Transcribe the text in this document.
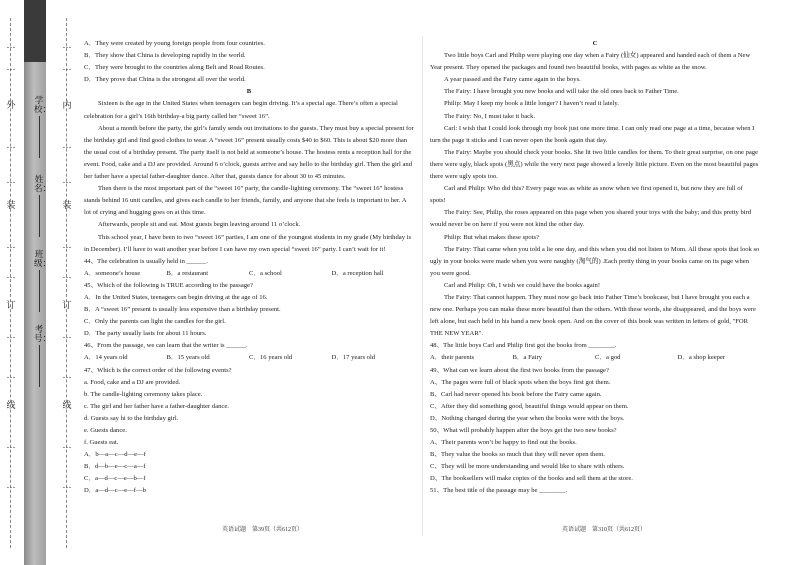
…
…
外
…
…
装
…
…
订
…
…
线
…
…
…
…
内
…
…
装
…
…
订
…
…
线
…
…
学校：
姓名：
班级：
考号：

A．They were created by young foreign people from four countries.

B．They show that China is developing rapidly in the world.

C．They were brought to the countries along Belt and Road Routes.

D．They prove that China is the strongest all over the world.

B

Sixteen is the age in the United States when teenagers can begin driving. It’s a special age. There’s often a special celebration for a girl’s 16th birthday-a big party called her “sweet 16”.

About a month before the party, the girl’s family sends out invitations to the guests. They must buy a special present for the birthday girl and find good clothes to wear. A “sweet 16” present usually costs $40 to $60. This is about $20 more than the usual cost of a birthday present. The party itself is not held at someone’s house. The hostess rents a reception hall for the event. Food, cake and a DJ are provided. Around 6 o’clock, guests arrive and say hello to the birthday girl. Then the girl and her father have a special father-daughter dance. After that, guests dance for about 30 to 45 minutes.

Then there is the most important part of the “sweet 16” party, the candle-lighting ceremony. The “sweet 16” hostess stands behind 16 unit candles, and gives each candle to her friends, family, and anyone that she feels is important to her. A lot of crying and hugging goes on at this time.

Afterwards, people sit and eat. Most guests begin leaving around 11 o’clock.

This school year, I have been to two “sweet 16” parties, I am one of the youngest students in my grade (My birthday is in December). I’ll have to wait another year before I can have my own special “sweet 16” party. I can’t wait for it!

44、The celebration is usually held in ______.

A．someone’s house	B．a restaurant	C．a school	D．a reception hall

45、Which of the following is TRUE according to the passage?

A．In the United States, teenagers can begin driving at the age of 16.

B．A “sweet 16” present is usually less expensive than a birthday present.

C．Only the parents can light the candles for the girl.

D．The party usually lasts for about 11 hours.

46、From the passage, we can learn that the writer is ______.

A．14 years old	B．15 years old	C．16 years old	D．17 years old

47、Which is the correct order of the following events?

a. Food, cake and a DJ are provided.

b. The candle-lighting ceremony takes place.

c. The girl and her father have a father-daughter dance.

d. Guests say hi to the birthday girl.

e. Guests dance.

f. Guests eat.

A．b—a—c—d—e—f

B．d—b—e—c—a—f

C．a—d—c—e—b—f

D．a—d—c—e—f—b

C

Two little boys Carl and Philip were playing one day when a Fairy (仙女) appeared and handed each of them a New Year present. They opened the packages and found two beautiful books, with pages as white as the snow.

A year passed and the Fairy came again to the boys.

The Fairy: I have brought you new books and will take the old ones back to Father Time.

Philip: May I keep my book a little longer? I haven’t read it lately.

The Fairy: No, I must take it back.

Carl: I wish that I could look through my book just one more time. I can only read one page at a time, because when I turn the page it sticks and I can never open the book again that day.

The Fairy: Maybe you should check your books. She lit two little candles for them. To their great surprise, on one page there were ugly, black spots (黑点) while the very next page showed a lovely little picture. Even on the most beautiful pages there were ugly spots too.

Carl and Philip: Who did this? Every page was as white as snow when we first opened it, but now they are full of spots!

The Fairy: See, Philip, the roses appeared on this page when you shared your toys with the baby; and this pretty bird would never be on here if you were not kind the other day.

Philip: But what makes these spots?

The Fairy: That came when you told a lie one day, and this when you did not listen to Mom. All these spots that look so ugly in your books were made when you were naughty (淘气的) .Each pretty thing in your books came on its page when you were good.

Carl and Philip: Oh, I wish we could have the books again!

The Fairy: That cannot happen. They must now go back into Father Time’s bookcase, but I have brought you each a new one. Perhaps you can make these more beautiful than the others. With these words, she disappeared, and the boys were left alone, but each held in his hand a new book open. And on the cover of this book was written in letters of gold, "FOR THE NEW YEAR".

48、The little boys Carl and Philip first got the books from ________.

A．their parents	B．a Fairy	C．a god	D．a shop keeper

49、What can we learn about the first two books from the passage?

A、The pages were full of black spots when the boys first got them.

B、Carl had never opened his book before the Fairy came again.

C、After they did something good, beautiful things would appear on them.

D、Nothing changed during the year when the books were with the boys.

50、What will probably happen after the boys get the two new books?

A、Their parents won’t be happy to find out the books.

B、They value the books so much that they will never open them.

C、They will be more understanding and would like to share with others.

D、The booksellers will make copies of the books and sell them at the store.

51、The best title of the passage may be ________.

英语试题　第39页（共612页）	英语试题　第310页（共612页）
